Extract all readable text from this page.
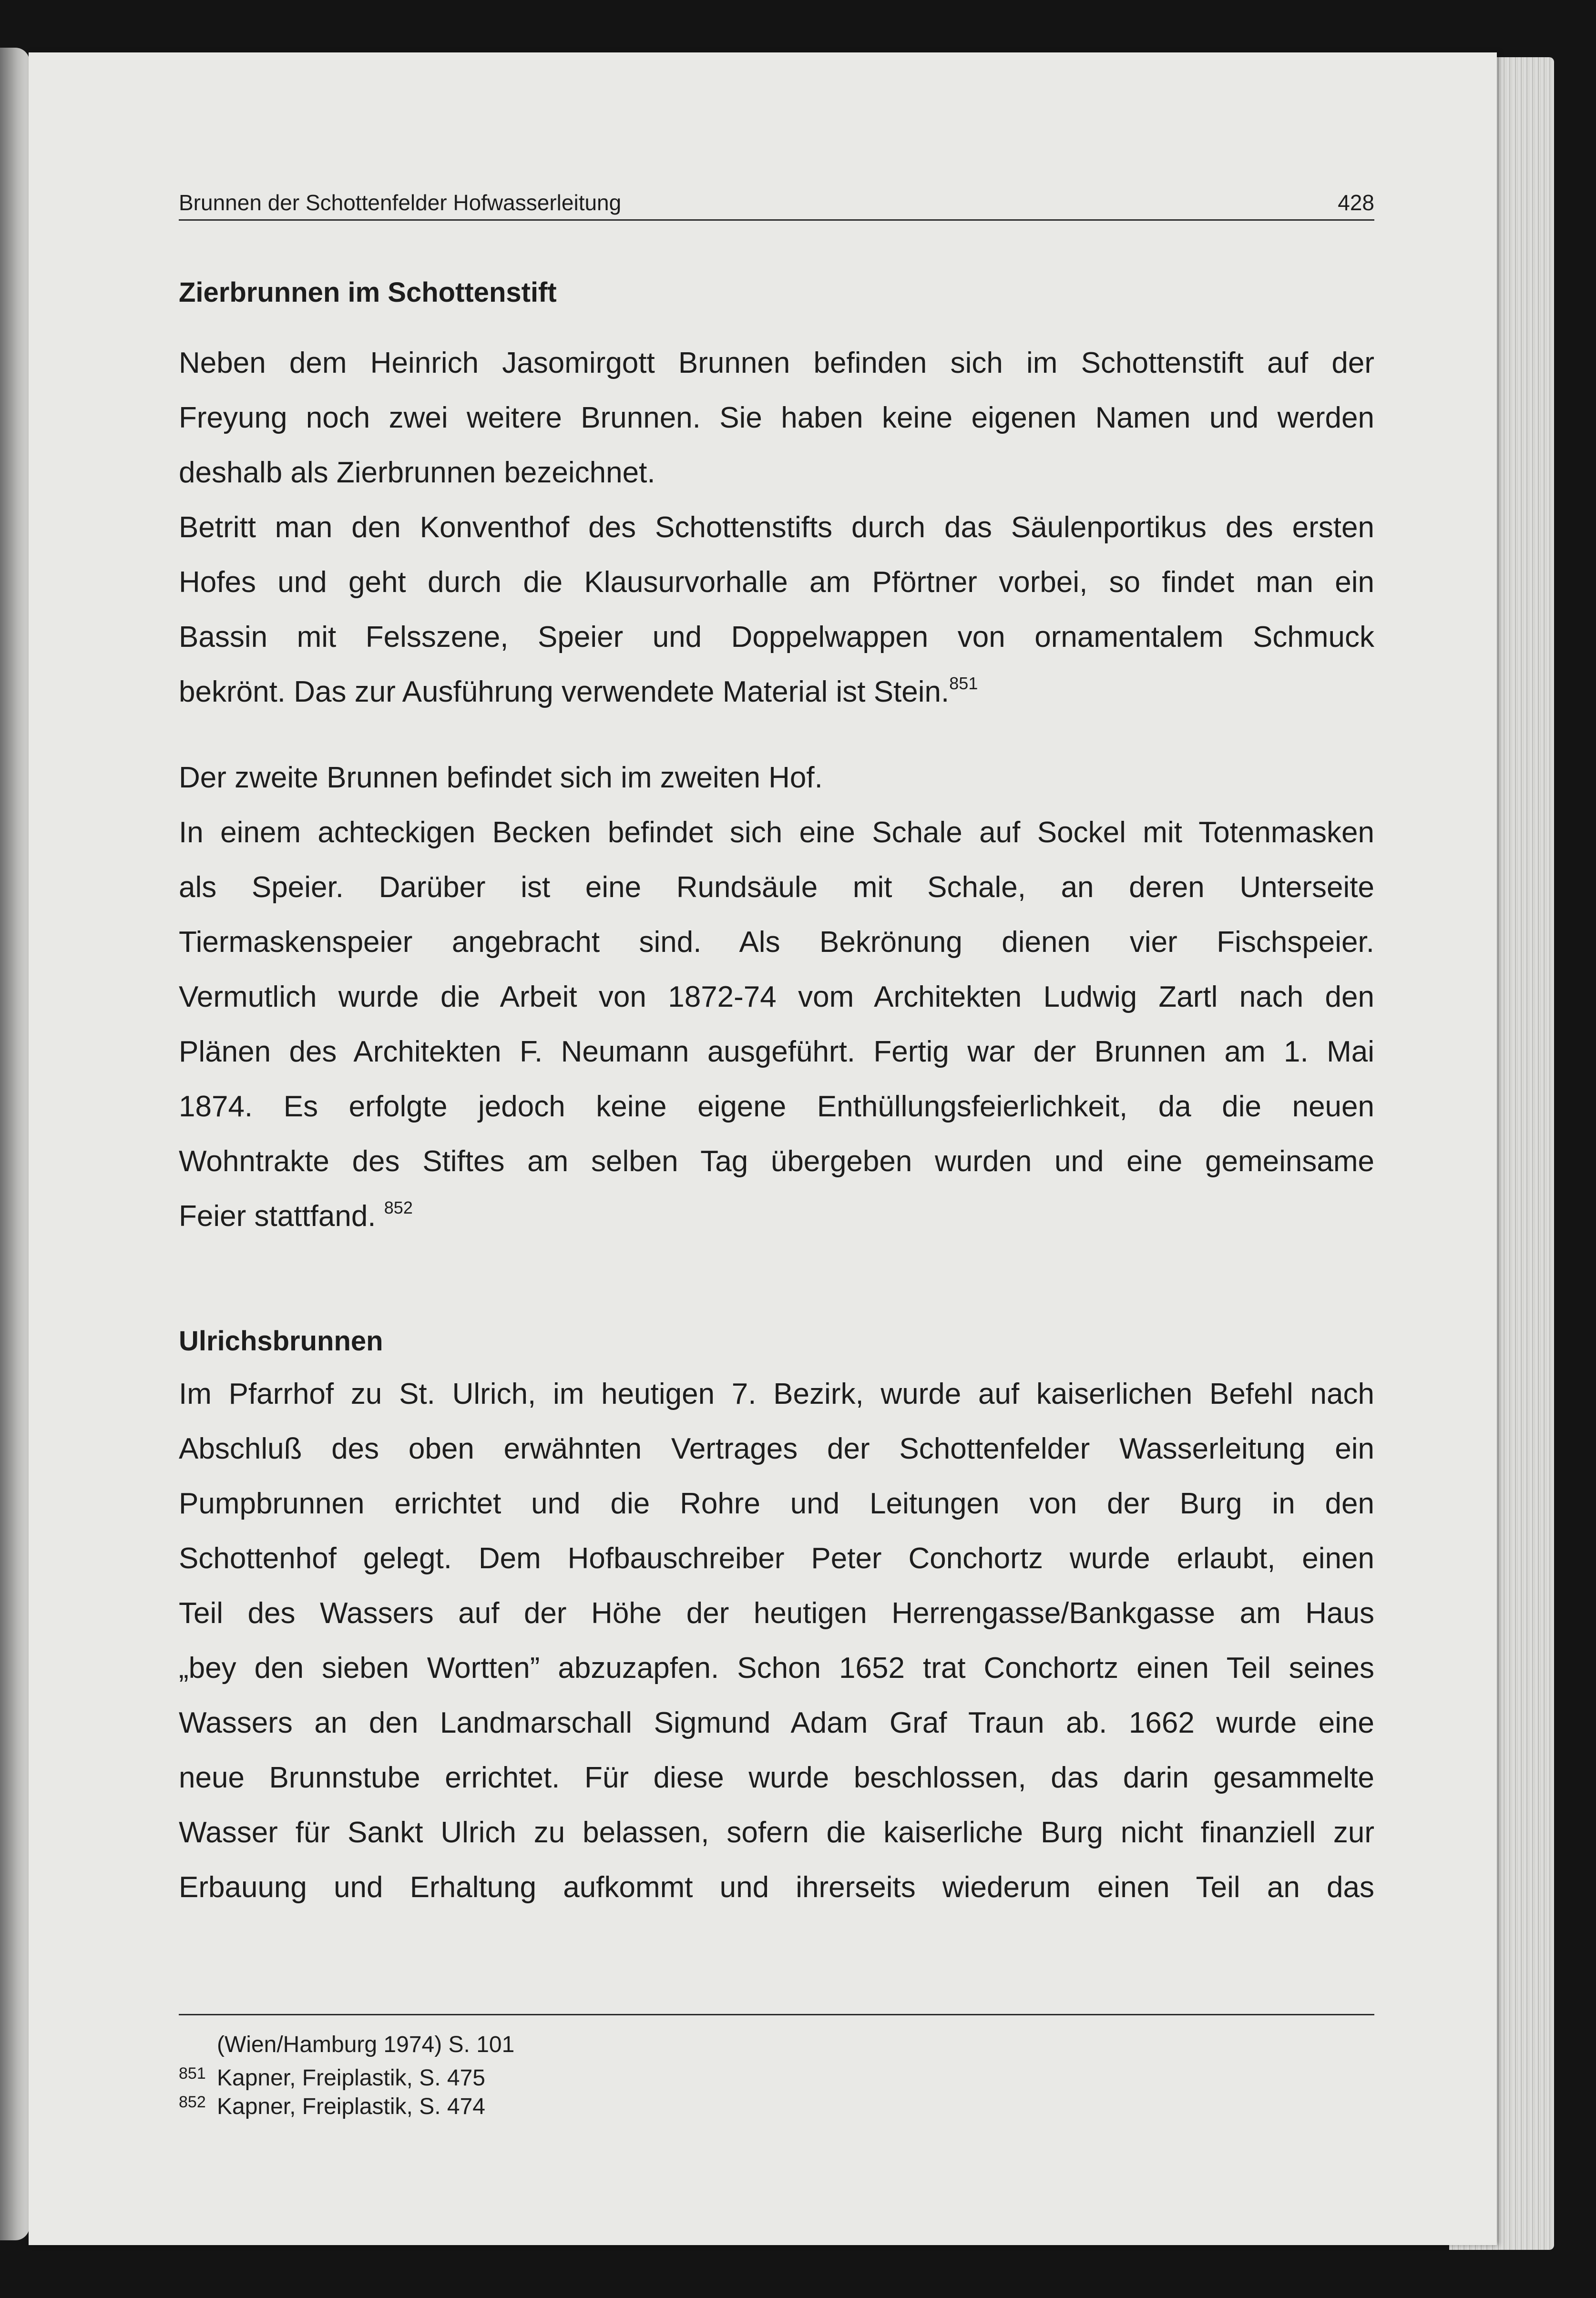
Brunnen der Schottenfelder Hofwasserleitung	428
Zierbrunnen im Schottenstift
Neben dem Heinrich Jasomirgott Brunnen befinden sich im Schottenstift auf der
Freyung noch zwei weitere Brunnen. Sie haben keine eigenen Namen und werden
deshalb als Zierbrunnen bezeichnet.
Betritt man den Konventhof des Schottenstifts durch das Säulenportikus des ersten
Hofes und geht durch die Klausurvorhalle am Pförtner vorbei, so findet man ein
Bassin mit Felsszene, Speier und Doppelwappen von ornamentalem Schmuck
bekrönt. Das zur Ausführung verwendete Material ist Stein.$^{851}$
Der zweite Brunnen befindet sich im zweiten Hof.
In einem achteckigen Becken befindet sich eine Schale auf Sockel mit Totenmasken
als Speier. Darüber ist eine Rundsäule mit Schale, an deren Unterseite
Tiermaskenspeier angebracht sind. Als Bekrönung dienen vier Fischspeier.
Vermutlich wurde die Arbeit von 1872-74 vom Architekten Ludwig Zartl nach den
Plänen des Architekten F. Neumann ausgeführt. Fertig war der Brunnen am 1. Mai
1874. Es erfolgte jedoch keine eigene Enthüllungsfeierlichkeit, da die neuen
Wohntrakte des Stiftes am selben Tag übergeben wurden und eine gemeinsame
Feier stattfand. $^{852}$
Ulrichsbrunnen
Im Pfarrhof zu St. Ulrich, im heutigen 7. Bezirk, wurde auf kaiserlichen Befehl nach
Abschluß des oben erwähnten Vertrages der Schottenfelder Wasserleitung ein
Pumpbrunnen errichtet und die Rohre und Leitungen von der Burg in den
Schottenhof gelegt. Dem Hofbauschreiber Peter Conchortz wurde erlaubt, einen
Teil des Wassers auf der Höhe der heutigen Herrengasse/Bankgasse am Haus
„bey den sieben Wortten” abzuzapfen. Schon 1652 trat Conchortz einen Teil seines
Wassers an den Landmarschall Sigmund Adam Graf Traun ab. 1662 wurde eine
neue Brunnstube errichtet. Für diese wurde beschlossen, das darin gesammelte
Wasser für Sankt Ulrich zu belassen, sofern die kaiserliche Burg nicht finanziell zur
Erbauung und Erhaltung aufkommt und ihrerseits wiederum einen Teil an das
(Wien/Hamburg 1974) S. 101
851 Kapner, Freiplastik, S. 475
852 Kapner, Freiplastik, S. 474
